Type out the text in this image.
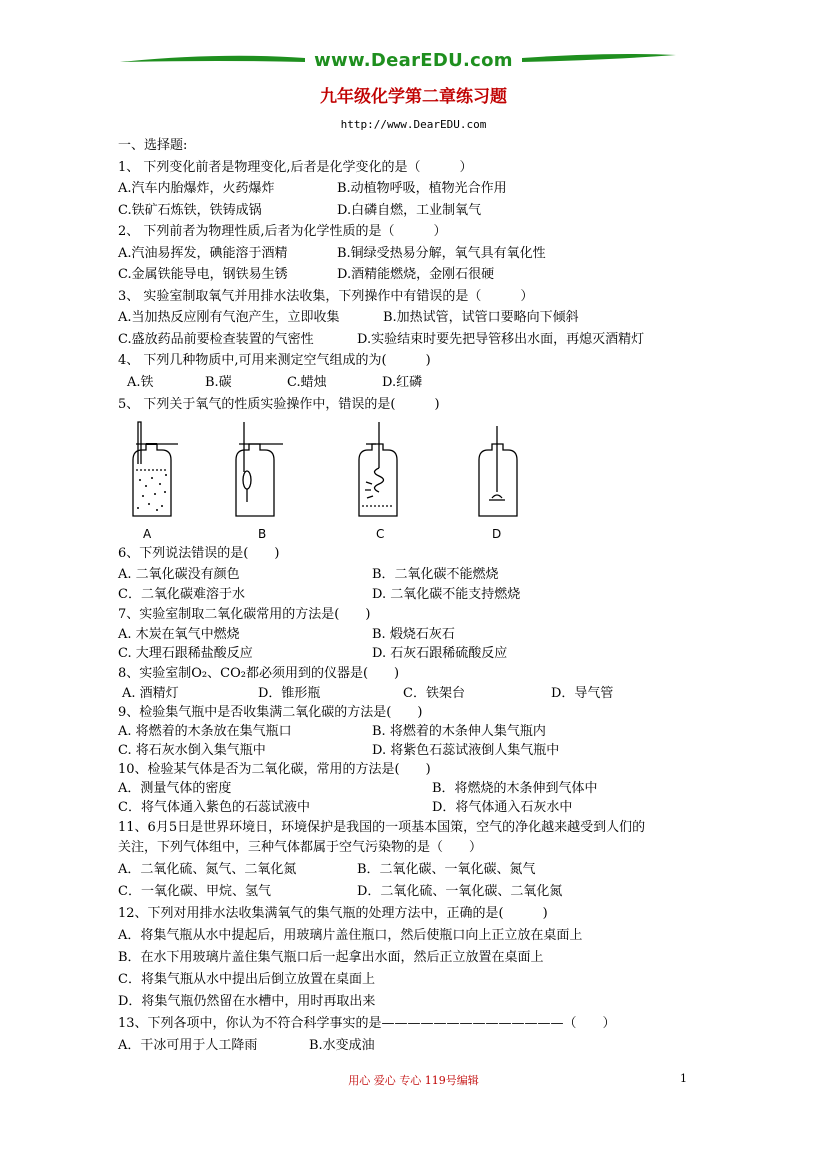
www.DearEDU.com
九年级化学第二章练习题
http://www.DearEDU.com
一、选择题:
1、 下列变化前者是物理变化,后者是化学变化的是（　　　）
A.汽车内胎爆炸，火药爆炸	B.动植物呼吸，植物光合作用
C.铁矿石炼铁，铁铸成锅	D.白磷自燃，工业制氧气
2、 下列前者为物理性质,后者为化学性质的是（　　　）
A.汽油易挥发，碘能溶于酒精	B.铜绿受热易分解，氧气具有氧化性
C.金属铁能导电，钢铁易生锈	D.酒精能燃烧，金刚石很硬
3、 实验室制取氧气并用排水法收集，下列操作中有错误的是（　　　）
A.当加热反应刚有气泡产生，立即收集	B.加热试管，试管口要略向下倾斜
C.盛放药品前要检查装置的气密性	D.实验结束时要先把导管移出水面，再熄灭酒精灯
4、 下列几种物质中,可用来测定空气组成的为(　　　)
A.铁	B.碳	C.蜡烛	D.红磷
5、 下列关于氧气的性质实验操作中，错误的是(　　　)
A	B	C	D
6、下列说法错误的是(　　)
A. 二氧化碳没有颜色	B．二氧化碳不能燃烧
C．二氧化碳难溶于水	D. 二氧化碳不能支持燃烧
7、实验室制取二氧化碳常用的方法是(　　)
A. 木炭在氧气中燃烧	B. 煅烧石灰石
C. 大理石跟稀盐酸反应	D. 石灰石跟稀硫酸反应
8、实验室制O₂、CO₂都必须用到的仪器是(　　)
A. 酒精灯	D．锥形瓶	C．铁架台	D．导气管
9、检验集气瓶中是否收集满二氧化碳的方法是(　　)
A. 将燃着的木条放在集气瓶口	B. 将燃着的木条伸人集气瓶内
C. 将石灰水倒入集气瓶中	D. 将紫色石蕊试液倒人集气瓶中
10、检验某气体是否为二氧化碳，常用的方法是(　　)
A．测量气体的密度	B．将燃烧的木条伸到气体中
C．将气体通入紫色的石蕊试液中	D．将气体通入石灰水中
11、6月5日是世界环境日，环境保护是我国的一项基本国策，空气的净化越来越受到人们的
关注，下列气体组中，三种气体都属于空气污染物的是（　　）
A．二氧化硫、氮气、二氧化氮	B．二氧化碳、一氧化碳、氮气
C．一氧化碳、甲烷、氢气	D．二氧化硫、一氧化碳、二氧化氮
12、下列对用排水法收集满氧气的集气瓶的处理方法中，正确的是(　　　)
A．将集气瓶从水中提起后，用玻璃片盖住瓶口，然后使瓶口向上正立放在桌面上
B．在水下用玻璃片盖住集气瓶口后一起拿出水面，然后正立放置在桌面上
C．将集气瓶从水中提出后倒立放置在桌面上
D．将集气瓶仍然留在水槽中，用时再取出来
13、下列各项中，你认为不符合科学事实的是——————————————（　　）
A．干冰可用于人工降雨	B.水变成油
用心 爱心 专心 119号编辑	1
